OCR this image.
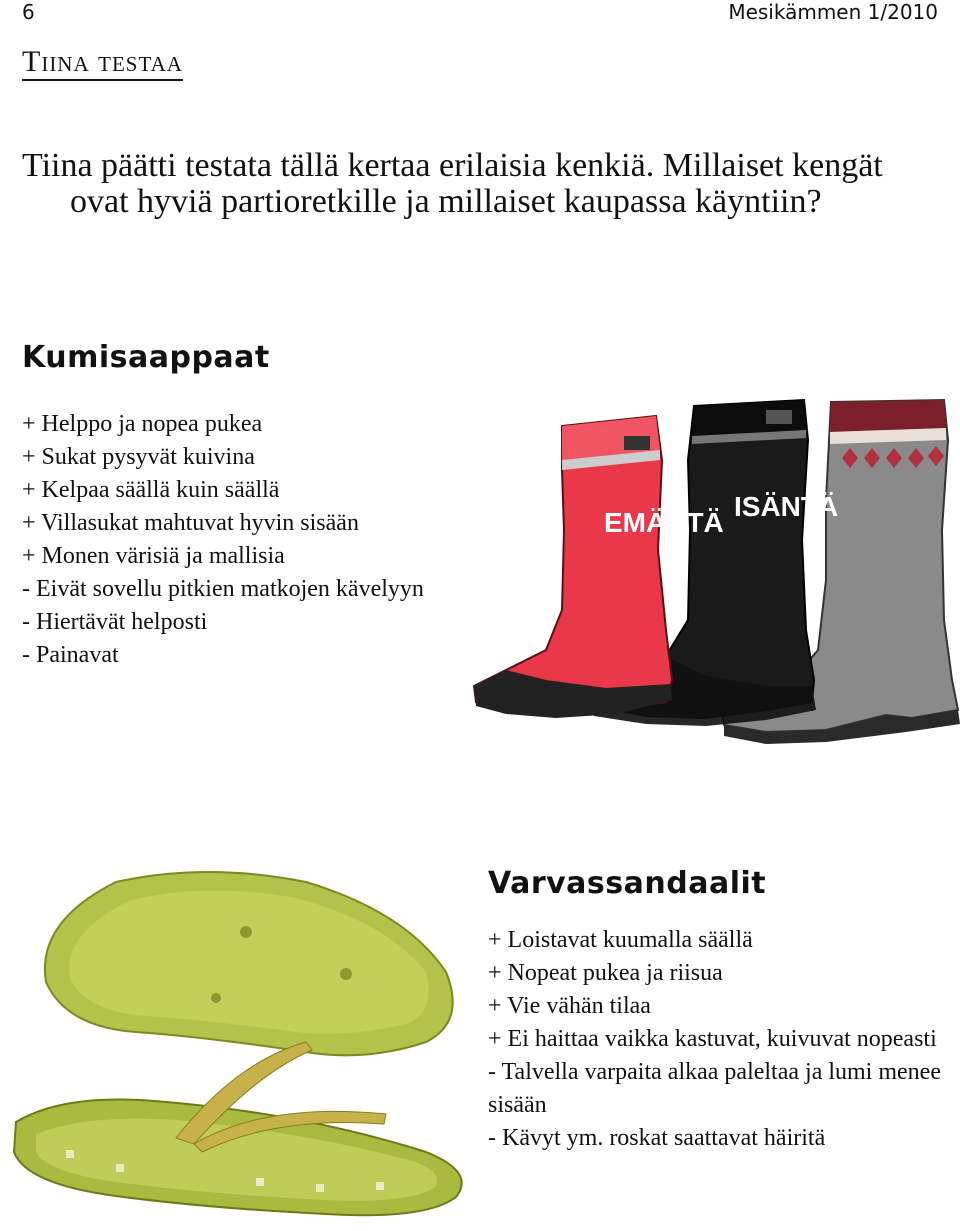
6	Mesikämmen 1/2010
Tiina testaa
Tiina päätti testata tällä kertaa erilaisia kenkiä. Millaiset kengät
ovat hyviä partioretkille ja millaiset kaupassa käyntiin?
Kumisaappaat
+ Helppo ja nopea pukea
+ Sukat pysyvät kuivina
+ Kelpaa säällä kuin säällä
+ Villasukat mahtuvat hyvin sisään
+ Monen värisiä ja mallisia
- Eivät sovellu pitkien matkojen kävelyyn
- Hiertävät helposti
- Painavat
ISÄNTÄ
EMÄNTÄ
Varvassandaalit
+ Loistavat kuumalla säällä
+ Nopeat pukea ja riisua
+ Vie vähän tilaa
+ Ei haittaa vaikka kastuvat, kuivuvat nopeasti
- Talvella varpaita alkaa paleltaa ja lumi menee sisään
- Kävyt ym. roskat saattavat häiritä
